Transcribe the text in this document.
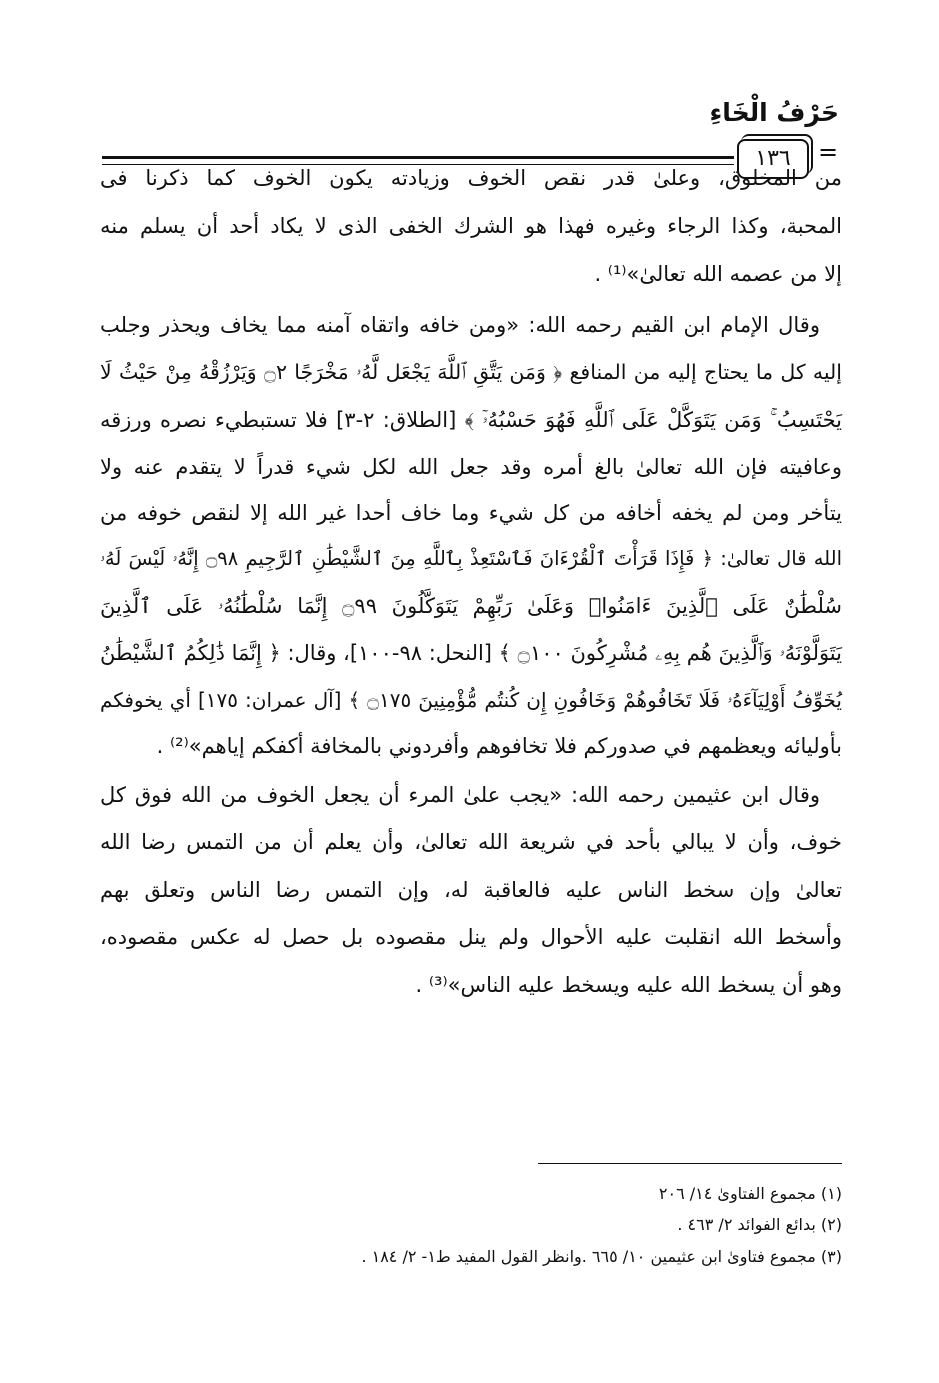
حَرْفُ الْخَاءِ
١٣٦	=
من المخلوق، وعلىٰ قدر نقص الخوف وزيادته يكون الخوف كما ذكرنا فى
المحبة، وكذا الرجاء وغيره فهذا هو الشرك الخفى الذى لا يكاد أحد أن يسلم منه
إلا من عصمه الله تعالىٰ»⁽¹⁾ .
وقال الإمام ابن القيم رحمه الله: «ومن خافه واتقاه آمنه مما يخاف ويحذر وجلب
إليه كل ما يحتاج إليه من المنافع ﴿ وَمَن يَتَّقِ ٱللَّهَ يَجْعَل لَّهُۥ مَخْرَجًا ۝٢ وَيَرْزُقْهُ مِنْ حَيْثُ لَا
يَحْتَسِبُ ۚ وَمَن يَتَوَكَّلْ عَلَى ٱللَّهِ فَهُوَ حَسْبُهُۥٓ ﴾ [الطلاق: ٢-٣] فلا تستبطيء نصره ورزقه
وعافيته فإن الله تعالىٰ بالغ أمره وقد جعل الله لكل شيء قدراً لا يتقدم عنه ولا
يتأخر ومن لم يخفه أخافه من كل شيء وما خاف أحدا غير الله إلا لنقص خوفه من
الله قال تعالىٰ: ﴿ فَإِذَا قَرَأْتَ ٱلْقُرْءَانَ فَٱسْتَعِذْ بِٱللَّهِ مِنَ ٱلشَّيْطَٰنِ ٱلرَّجِيمِ ۝٩٨ إِنَّهُۥ لَيْسَ لَهُۥ
سُلْطَٰنٌ عَلَى ٱلَّذِينَ ءَامَنُوا۟ وَعَلَىٰ رَبِّهِمْ يَتَوَكَّلُونَ ۝٩٩ إِنَّمَا سُلْطَٰنُهُۥ عَلَى ٱلَّذِينَ
يَتَوَلَّوْنَهُۥ وَٱلَّذِينَ هُم بِهِۦ مُشْرِكُونَ ۝١٠٠ ﴾ [النحل: ٩٨-١٠٠]، وقال: ﴿ إِنَّمَا ذَٰلِكُمُ ٱلشَّيْطَٰنُ
يُخَوِّفُ أَوْلِيَآءَهُۥ فَلَا تَخَافُوهُمْ وَخَافُونِ إِن كُنتُم مُّؤْمِنِينَ ۝١٧٥ ﴾ [آل عمران: ١٧٥] أي يخوفكم
بأوليائه ويعظمهم في صدوركم فلا تخافوهم وأفردوني بالمخافة أكفكم إياهم»⁽²⁾ .
وقال ابن عثيمين رحمه الله: «يجب علىٰ المرء أن يجعل الخوف من الله فوق كل
خوف، وأن لا يبالي بأحد في شريعة الله تعالىٰ، وأن يعلم أن من التمس رضا الله
تعالىٰ وإن سخط الناس عليه فالعاقبة له، وإن التمس رضا الناس وتعلق بهم
وأسخط الله انقلبت عليه الأحوال ولم ينل مقصوده بل حصل له عكس مقصوده،
وهو أن يسخط الله عليه ويسخط عليه الناس»⁽³⁾ .
(١) مجموع الفتاوىٰ ١٤/ ٢٠٦
(٢) بدائع الفوائد ٢/ ٤٦٣ .
(٣) مجموع فتاوىٰ ابن عثيمين ١٠/ ٦٦٥ .وانظر القول المفيد ط١- ٢/ ١٨٤ .
